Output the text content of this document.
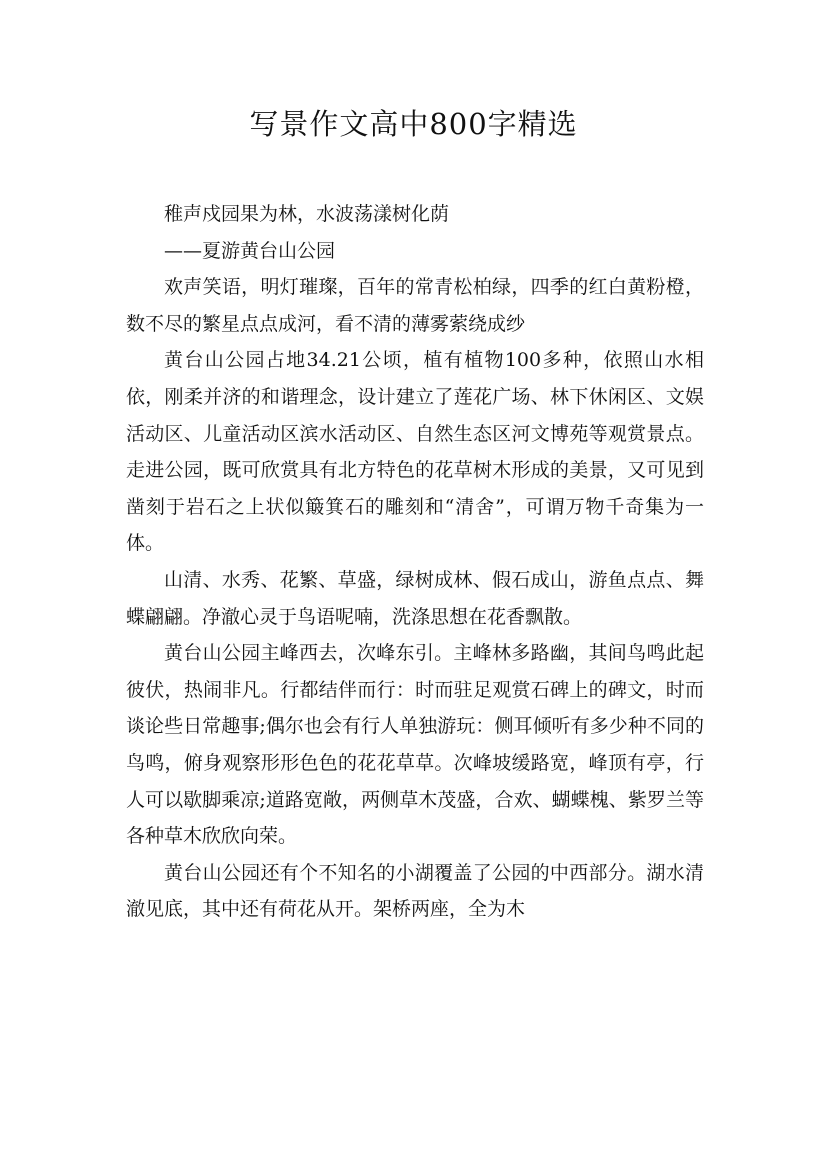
写景作文高中800字精选

稚声戍园果为林，水波荡漾树化荫

——夏游黄台山公园

欢声笑语，明灯璀璨，百年的常青松柏绿，四季的红白黄粉橙，数不尽的繁星点点成河，看不清的薄雾萦绕成纱

黄台山公园占地34.21公顷，植有植物100多种，依照山水相依，刚柔并济的和谐理念，设计建立了莲花广场、林下休闲区、文娱活动区、儿童活动区滨水活动区、自然生态区河文博苑等观赏景点。走进公园，既可欣赏具有北方特色的花草树木形成的美景，又可见到凿刻于岩石之上状似簸箕石的雕刻和“清舍”，可谓万物千奇集为一体。

山清、水秀、花繁、草盛，绿树成林、假石成山，游鱼点点、舞蝶翩翩。净澈心灵于鸟语呢喃，洗涤思想在花香飘散。

黄台山公园主峰西去，次峰东引。主峰林多路幽，其间鸟鸣此起彼伏，热闹非凡。行都结伴而行：时而驻足观赏石碑上的碑文，时而谈论些日常趣事;偶尔也会有行人单独游玩：侧耳倾听有多少种不同的鸟鸣，俯身观察形形色色的花花草草。次峰坡缓路宽，峰顶有亭，行人可以歇脚乘凉;道路宽敞，两侧草木茂盛，合欢、蝴蝶槐、紫罗兰等各种草木欣欣向荣。

黄台山公园还有个不知名的小湖覆盖了公园的中西部分。湖水清澈见底，其中还有荷花从开。架桥两座，全为木
